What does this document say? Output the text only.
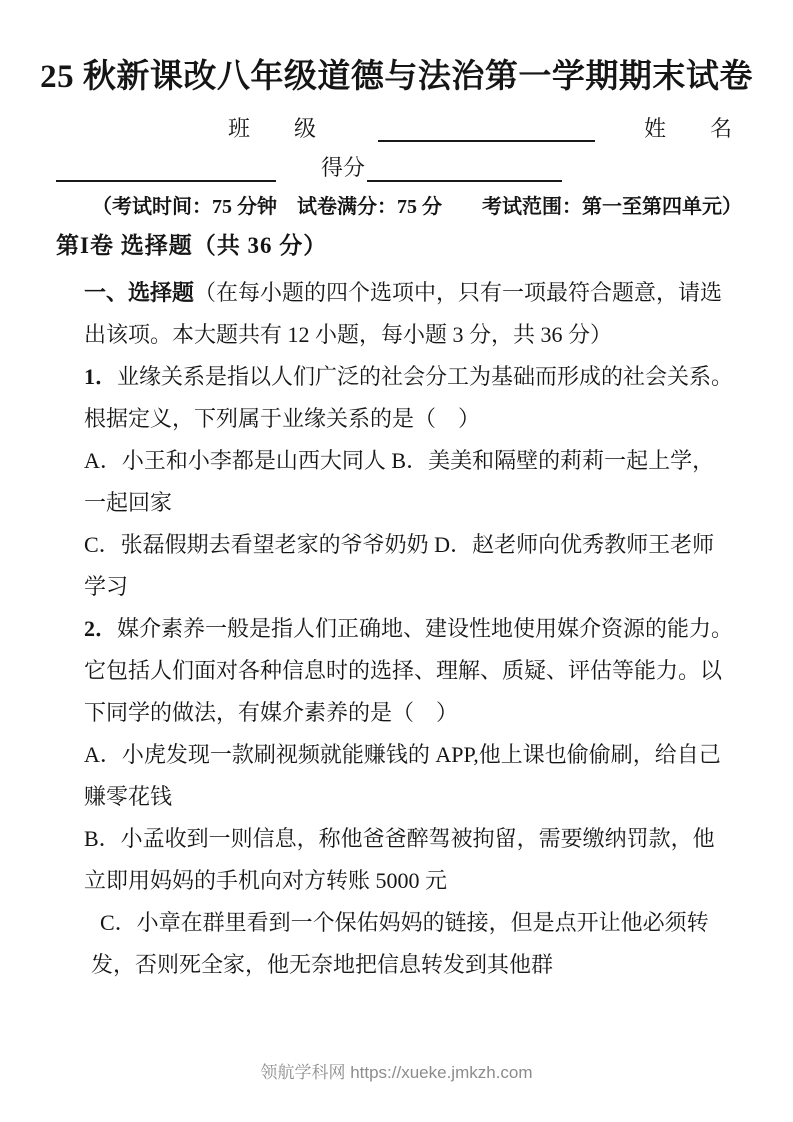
25 秋新课改八年级道德与法治第一学期期末试卷
班　　级	姓　　名
得分
（考试时间：75 分钟　试卷满分：75 分　　考试范围：第一至第四单元）
第I卷 选择题（共 36 分）
一、选择题（在每小题的四个选项中，只有一项最符合题意，请选
出该项。本大题共有 12 小题，每小题 3 分，共 36 分）
1．业缘关系是指以人们广泛的社会分工为基础而形成的社会关系。
根据定义，下列属于业缘关系的是（　）
A．小王和小李都是山西大同人 B．美美和隔壁的莉莉一起上学，
一起回家
C．张磊假期去看望老家的爷爷奶奶 D．赵老师向优秀教师王老师
学习
2．媒介素养一般是指人们正确地、建设性地使用媒介资源的能力。
它包括人们面对各种信息时的选择、理解、质疑、评估等能力。以
下同学的做法，有媒介素养的是（　）
A．小虎发现一款刷视频就能赚钱的 APP,他上课也偷偷刷，给自己
赚零花钱
B．小孟收到一则信息，称他爸爸醉驾被拘留，需要缴纳罚款，他
立即用妈妈的手机向对方转账 5000 元
C．小章在群里看到一个保佑妈妈的链接，但是点开让他必须转
发，否则死全家，他无奈地把信息转发到其他群
领航学科网 https://xueke.jmkzh.com
